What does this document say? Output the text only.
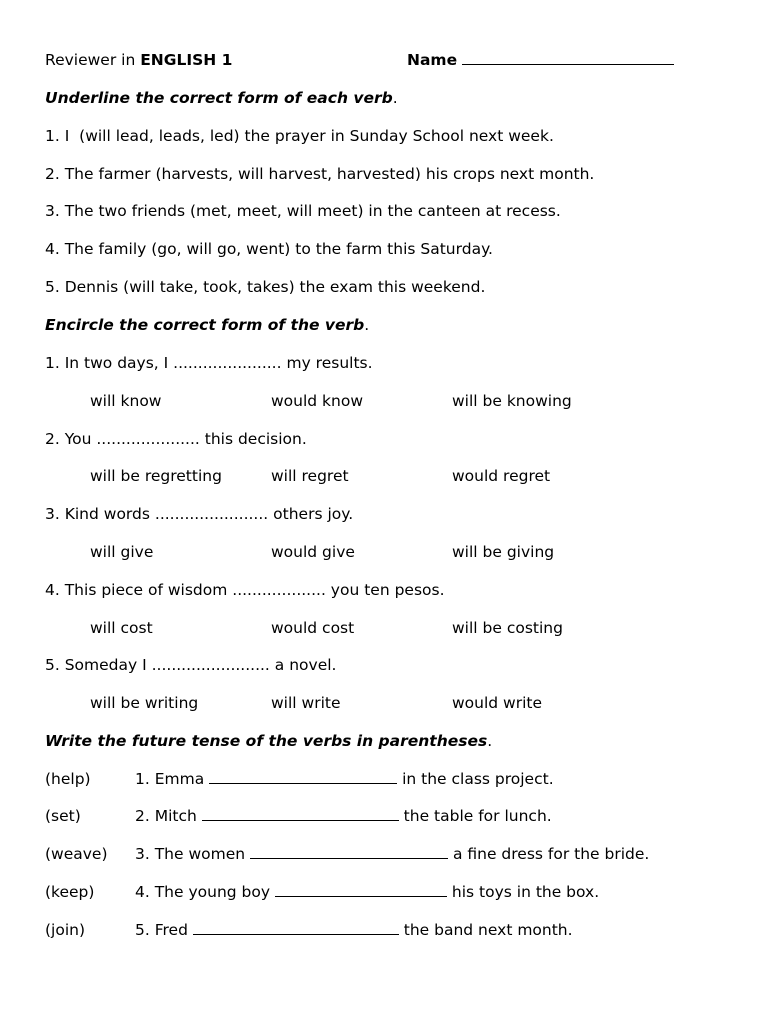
Reviewer in ENGLISH 1	Name
Underline the correct form of each verb.
1. I  (will lead, leads, led) the prayer in Sunday School next week.
2. The farmer (harvests, will harvest, harvested) his crops next month.
3. The two friends (met, meet, will meet) in the canteen at recess.
4. The family (go, will go, went) to the farm this Saturday.
5. Dennis (will take, took, takes) the exam this weekend.
Encircle the correct form of the verb.
1. In two days, I ...................... my results.
will know	would know	will be knowing
2. You ..................... this decision.
will be regretting	will regret	would regret
3. Kind words ....................... others joy.
will give	would give	will be giving
4. This piece of wisdom ................... you ten pesos.
will cost	would cost	will be costing
5. Someday I ........................ a novel.
will be writing	will write	would write
Write the future tense of the verbs in parentheses.
(help)	1. Emma	in the class project.
(set)	2. Mitch	the table for lunch.
(weave) 3. The women	a fine dress for the bride.
(keep)	4. The young boy	his toys in the box.
(join)	5. Fred	the band next month.
